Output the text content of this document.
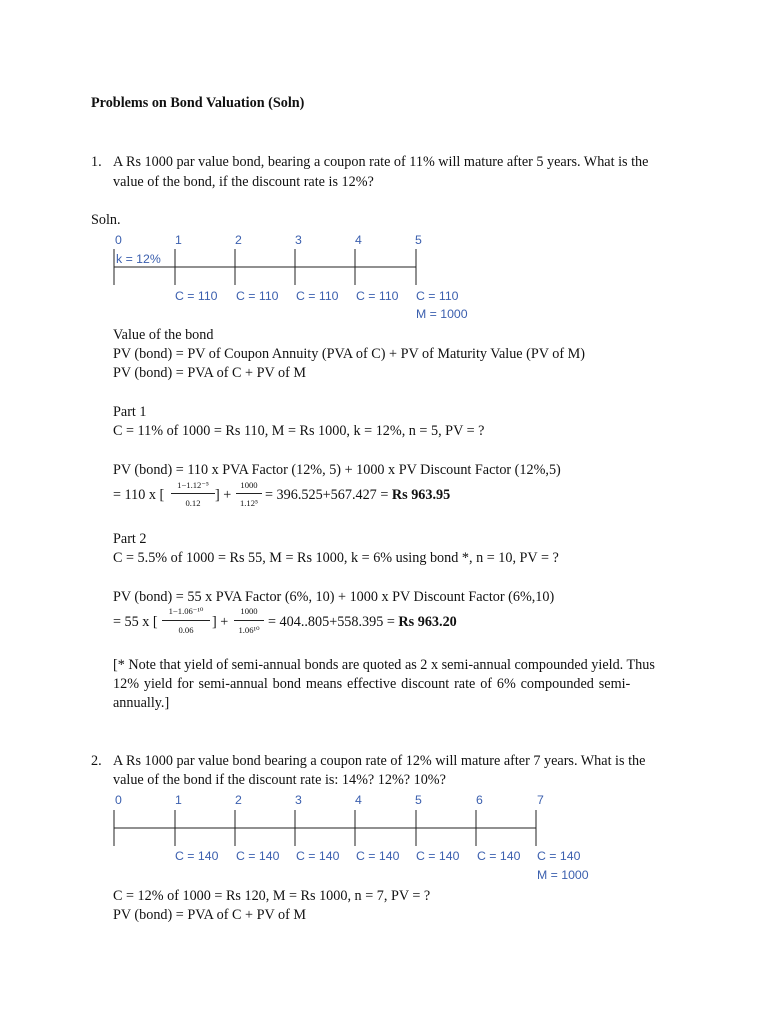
Problems on Bond Valuation (Soln)
1. A Rs 1000 par value bond, bearing a coupon rate of 11% will mature after 5 years. What is the
value of the bond, if the discount rate is 12%?
Soln.
0	1	2	3	4	5
k = 12%
C = 110 C = 110 C = 110 C = 110 C = 110
M = 1000
Value of the bond
PV (bond) = PV of Coupon Annuity (PVA of C) + PV of Maturity Value (PV of M)
PV (bond) = PVA of C + PV of M
Part 1
C = 11% of 1000 = Rs 110, M = Rs 1000, k = 12%, n = 5, PV = ?
PV (bond) = 110 x PVA Factor (12%, 5) + 1000 x PV Discount Factor (12%,5)
= 110 x [
1−1.12⁻⁵
0.12	] +
1000
1.12⁵ = 396.525+567.427 = Rs 963.95
Part 2
C = 5.5% of 1000 = Rs 55, M = Rs 1000, k = 6% using bond *, n = 10, PV = ?
PV (bond) = 55 x PVA Factor (6%, 10) + 1000 x PV Discount Factor (6%,10)
= 55 x [
1−1.06⁻¹⁰
0.06	] +
1000
1.06¹⁰ = 404..805+558.395 = Rs 963.20
[* Note that yield of semi-annual bonds are quoted as 2 x semi-annual compounded yield. Thus
12% yield for semi-annual bond means effective discount rate of 6% compounded semi-
annually.]
2. A Rs 1000 par value bond bearing a coupon rate of 12% will mature after 7 years. What is the
value of the bond if the discount rate is: 14%? 12%? 10%?
0	1	2	3	4	5	6	7
C = 140 C = 140 C = 140 C = 140 C = 140 C = 140 C = 140
M = 1000
C = 12% of 1000 = Rs 120, M = Rs 1000, n = 7, PV = ?
PV (bond) = PVA of C + PV of M
